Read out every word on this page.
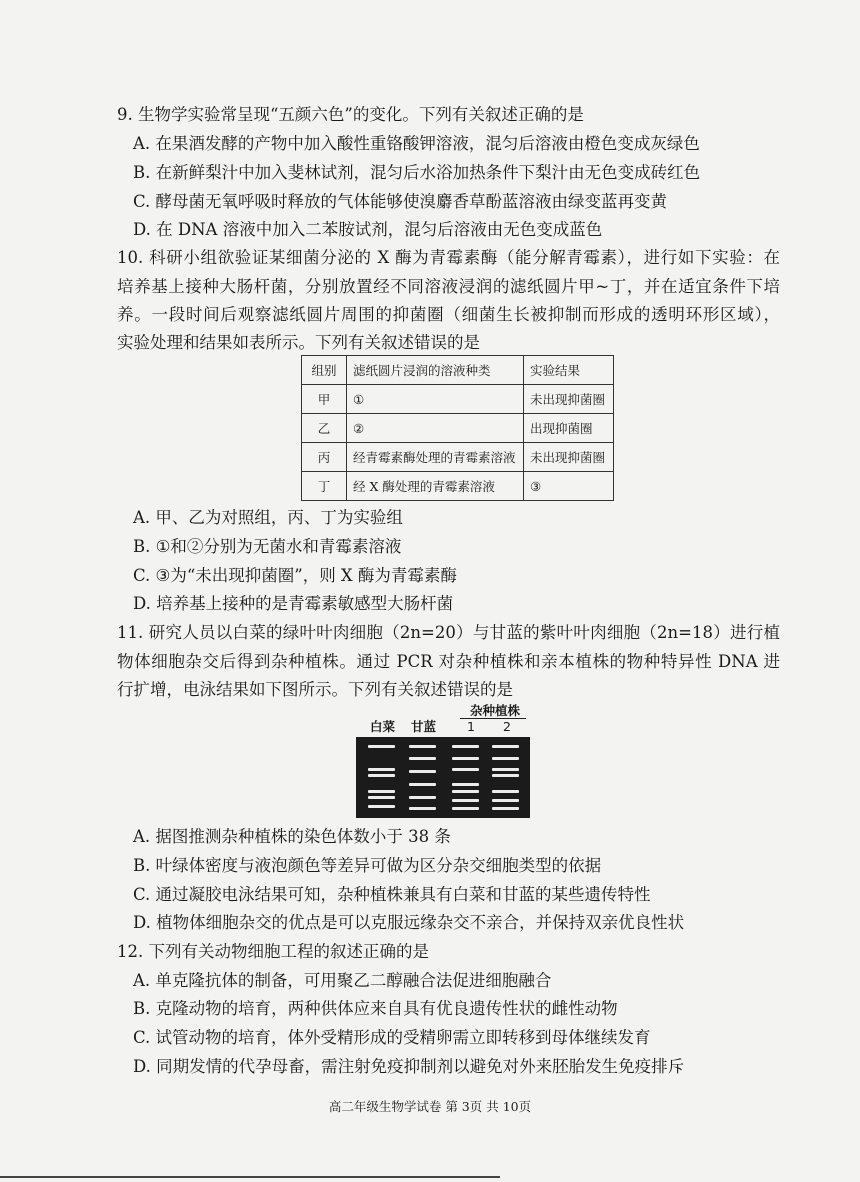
9. 生物学实验常呈现“五颜六色”的变化。下列有关叙述正确的是
A. 在果酒发酵的产物中加入酸性重铬酸钾溶液，混匀后溶液由橙色变成灰绿色
B. 在新鲜梨汁中加入斐林试剂，混匀后水浴加热条件下梨汁由无色变成砖红色
C. 酵母菌无氧呼吸时释放的气体能够使溴麝香草酚蓝溶液由绿变蓝再变黄
D. 在 DNA 溶液中加入二苯胺试剂，混匀后溶液由无色变成蓝色
10. 科研小组欲验证某细菌分泌的 X 酶为青霉素酶（能分解青霉素），进行如下实验：在
培养基上接种大肠杆菌，分别放置经不同溶液浸润的滤纸圆片甲~丁，并在适宜条件下培
养。一段时间后观察滤纸圆片周围的抑菌圈（细菌生长被抑制而形成的透明环形区域），
实验处理和结果如表所示。下列有关叙述错误的是
组别	滤纸圆片浸润的溶液种类	实验结果
甲	①	未出现抑菌圈
乙	②	出现抑菌圈
丙	经青霉素酶处理的青霉素溶液	未出现抑菌圈
丁	经 X 酶处理的青霉素溶液	③
A. 甲、乙为对照组，丙、丁为实验组
B. ①和②分别为无菌水和青霉素溶液
C. ③为“未出现抑菌圈”，则 X 酶为青霉素酶
D. 培养基上接种的是青霉素敏感型大肠杆菌
11. 研究人员以白菜的绿叶叶肉细胞（2n=20）与甘蓝的紫叶叶肉细胞（2n=18）进行植
物体细胞杂交后得到杂种植株。通过 PCR 对杂种植株和亲本植株的物种特异性 DNA 进
行扩增，电泳结果如下图所示。下列有关叙述错误的是
杂种植株
白菜 甘蓝 1 2
A. 据图推测杂种植株的染色体数小于 38 条
B. 叶绿体密度与液泡颜色等差异可做为区分杂交细胞类型的依据
C. 通过凝胶电泳结果可知，杂种植株兼具有白菜和甘蓝的某些遗传特性
D. 植物体细胞杂交的优点是可以克服远缘杂交不亲合，并保持双亲优良性状
12. 下列有关动物细胞工程的叙述正确的是
A. 单克隆抗体的制备，可用聚乙二醇融合法促进细胞融合
B. 克隆动物的培育，两种供体应来自具有优良遗传性状的雌性动物
C. 试管动物的培育，体外受精形成的受精卵需立即转移到母体继续发育
D. 同期发情的代孕母畜，需注射免疫抑制剂以避免对外来胚胎发生免疫排斥
高二年级生物学试卷 第 3页 共 10页
